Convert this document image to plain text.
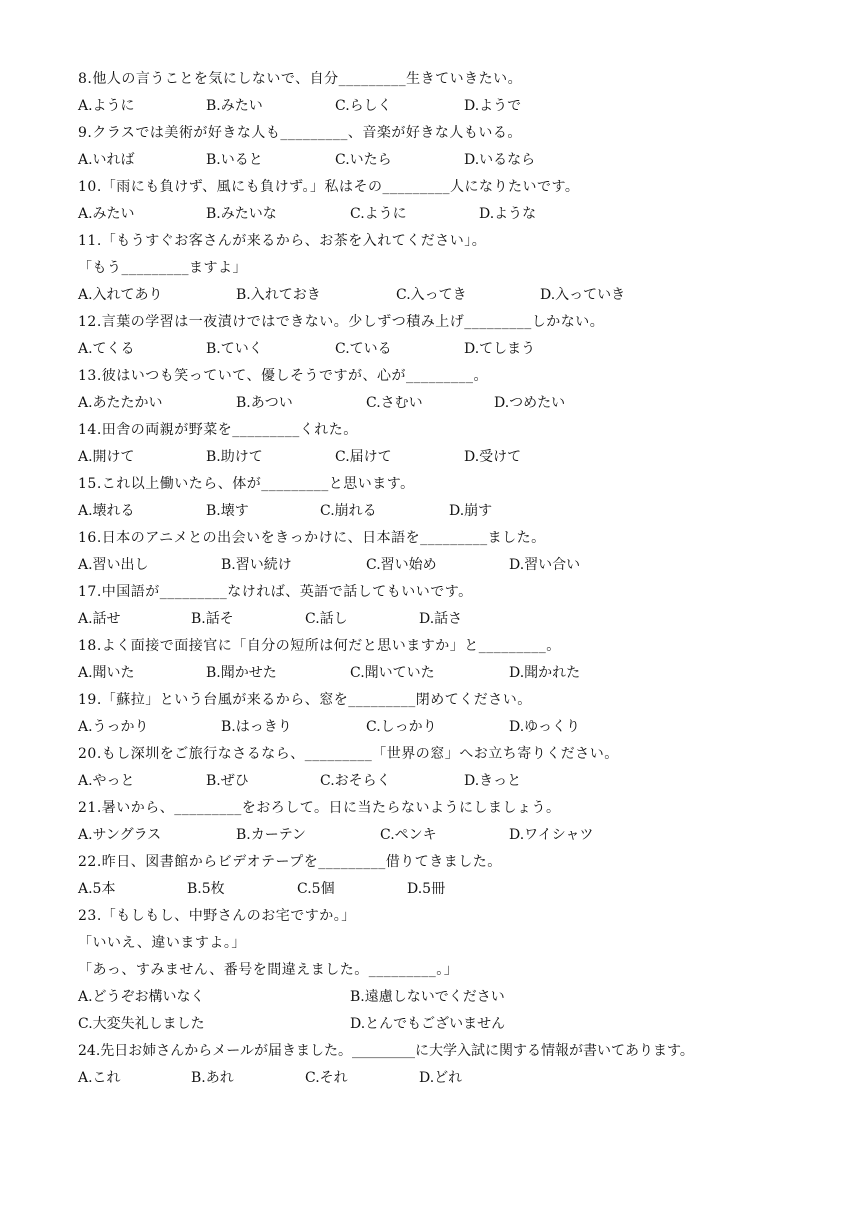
8.他人の言うことを気にしないで、自分_________生きていきたい。
A.ように	B.みたい	C.らしく	D.ようで
9.クラスでは美術が好きな人も_________、音楽が好きな人もいる。
A.いれば	B.いると	C.いたら	D.いるなら
10.「雨にも負けず、風にも負けず。」私はその_________人になりたいです。
A.みたい	B.みたいな	C.ように	D.ような
11.「もうすぐお客さんが来るから、お茶を入れてください」。
「もう_________ますよ」
A.入れてあり	B.入れておき	C.入ってき	D.入っていき
12.言葉の学習は一夜漬けではできない。少しずつ積み上げ_________しかない。
A.てくる	B.ていく	C.ている	D.てしまう
13.彼はいつも笑っていて、優しそうですが、心が_________。
A.あたたかい	B.あつい	C.さむい	D.つめたい
14.田舎の両親が野菜を_________くれた。
A.開けて	B.助けて	C.届けて	D.受けて
15.これ以上働いたら、体が_________と思います。
A.壊れる	B.壊す	C.崩れる	D.崩す
16.日本のアニメとの出会いをきっかけに、日本語を_________ました。
A.習い出し	B.習い続け	C.習い始め	D.習い合い
17.中国語が_________なければ、英語で話してもいいです。
A.話せ	B.話そ	C.話し	D.話さ
18.よく面接で面接官に「自分の短所は何だと思いますか」と_________。
A.聞いた	B.聞かせた	C.聞いていた	D.聞かれた
19.「蘇拉」という台風が来るから、窓を_________閉めてください。
A.うっかり	B.はっきり	C.しっかり	D.ゆっくり
20.もし深圳をご旅行なさるなら、_________「世界の窓」へお立ち寄りください。
A.やっと	B.ぜひ	C.おそらく	D.きっと
21.暑いから、_________をおろして。日に当たらないようにしましょう。
A.サングラス	B.カーテン	C.ペンキ	D.ワイシャツ
22.昨日、図書館からビデオテープを_________借りてきました。
A.5本	B.5枚	C.5個	D.5冊
23.「もしもし、中野さんのお宅ですか。」
「いいえ、違いますよ。」
「あっ、すみません、番号を間違えました。_________。」
A.どうぞお構いなく	B.遠慮しないでください
C.大変失礼しました	D.とんでもございません
24.先日お姉さんからメールが届きました。_________に大学入試に関する情報が書いてあります。
A.これ	B.あれ	C.それ	D.どれ
